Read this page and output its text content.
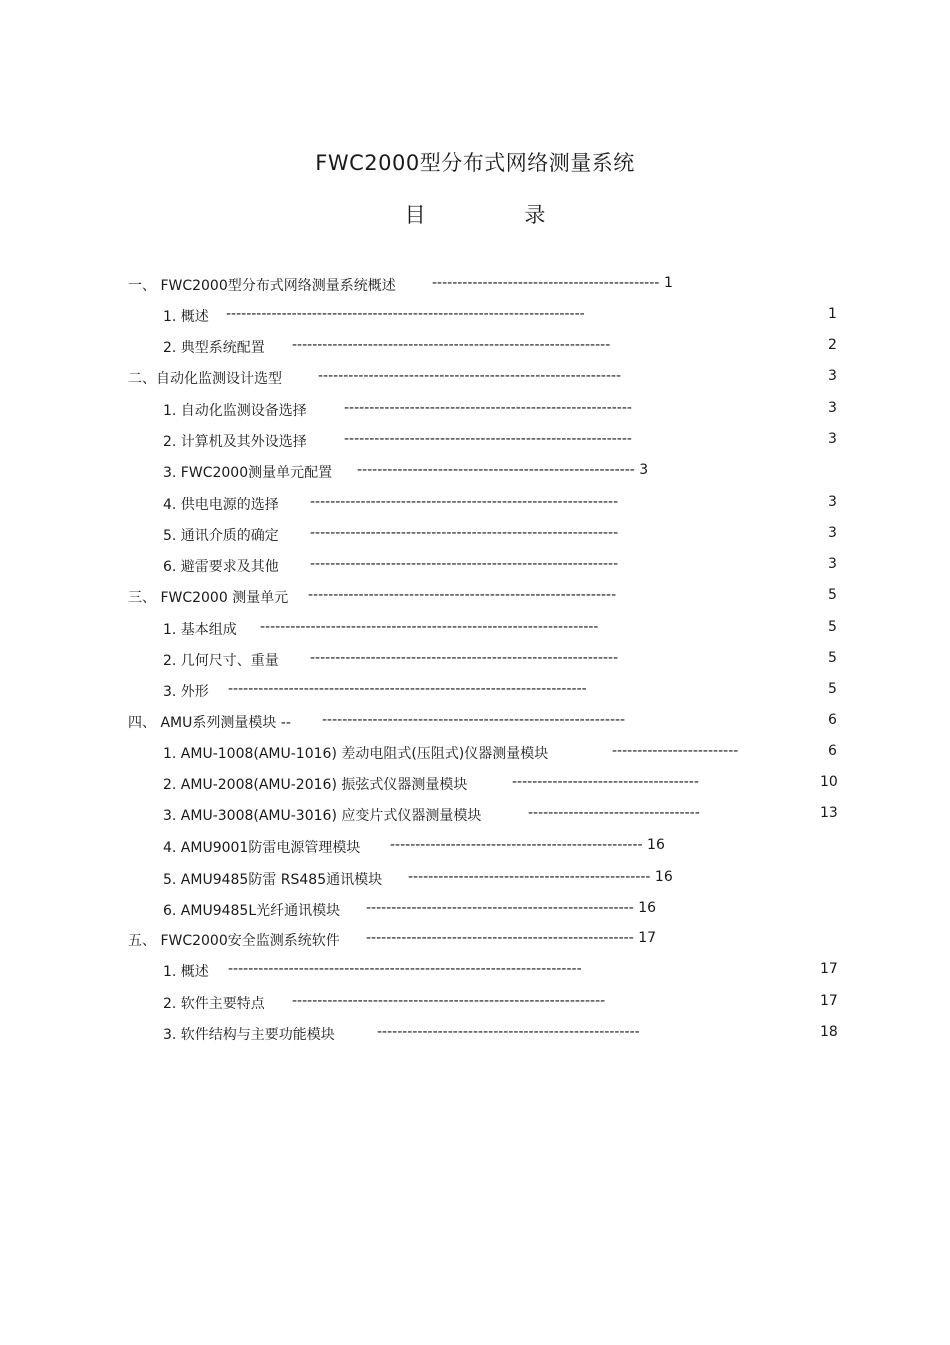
FWC2000型分布式网络测量系统
目 录
一、 FWC2000型分布式网络测量系统概述	--------------------------------------------- 1
1. 概述 -----------------------------------------------------------------------	1
2. 典型系统配置 ---------------------------------------------------------------	2
二、自动化监测设计选型	------------------------------------------------------------	3
1. 自动化监测设备选择	---------------------------------------------------------	3
2. 计算机及其外设选择	---------------------------------------------------------	3
3. FWC2000测量单元配置 ------------------------------------------------------- 3
4. 供电电源的选择 -------------------------------------------------------------	3
5. 通讯介质的确定 -------------------------------------------------------------	3
6. 避雷要求及其他 -------------------------------------------------------------	3
三、 FWC2000 测量单元 -------------------------------------------------------------	5
1. 基本组成 -------------------------------------------------------------------	5
2. 几何尺寸、重量 -------------------------------------------------------------	5
3. 外形 -----------------------------------------------------------------------	5
四、 AMU系列测量模块 -- ------------------------------------------------------------	6
1. AMU-1008(AMU-1016) 差动电阻式(压阻式)仪器测量模块	-------------------------	6
2. AMU-2008(AMU-2016) 振弦式仪器测量模块	-------------------------------------	10
3. AMU-3008(AMU-3016) 应变片式仪器测量模块	----------------------------------	13
4. AMU9001防雷电源管理模块 -------------------------------------------------- 16
5. AMU9485防雷 RS485通讯模块 ------------------------------------------------ 16
6. AMU9485L光纤通讯模块 ----------------------------------------------------- 16
五、 FWC2000安全监测系统软件 ----------------------------------------------------- 17
1. 概述 ----------------------------------------------------------------------	17
2. 软件主要特点 --------------------------------------------------------------	17
3. 软件结构与主要功能模块	----------------------------------------------------	18
